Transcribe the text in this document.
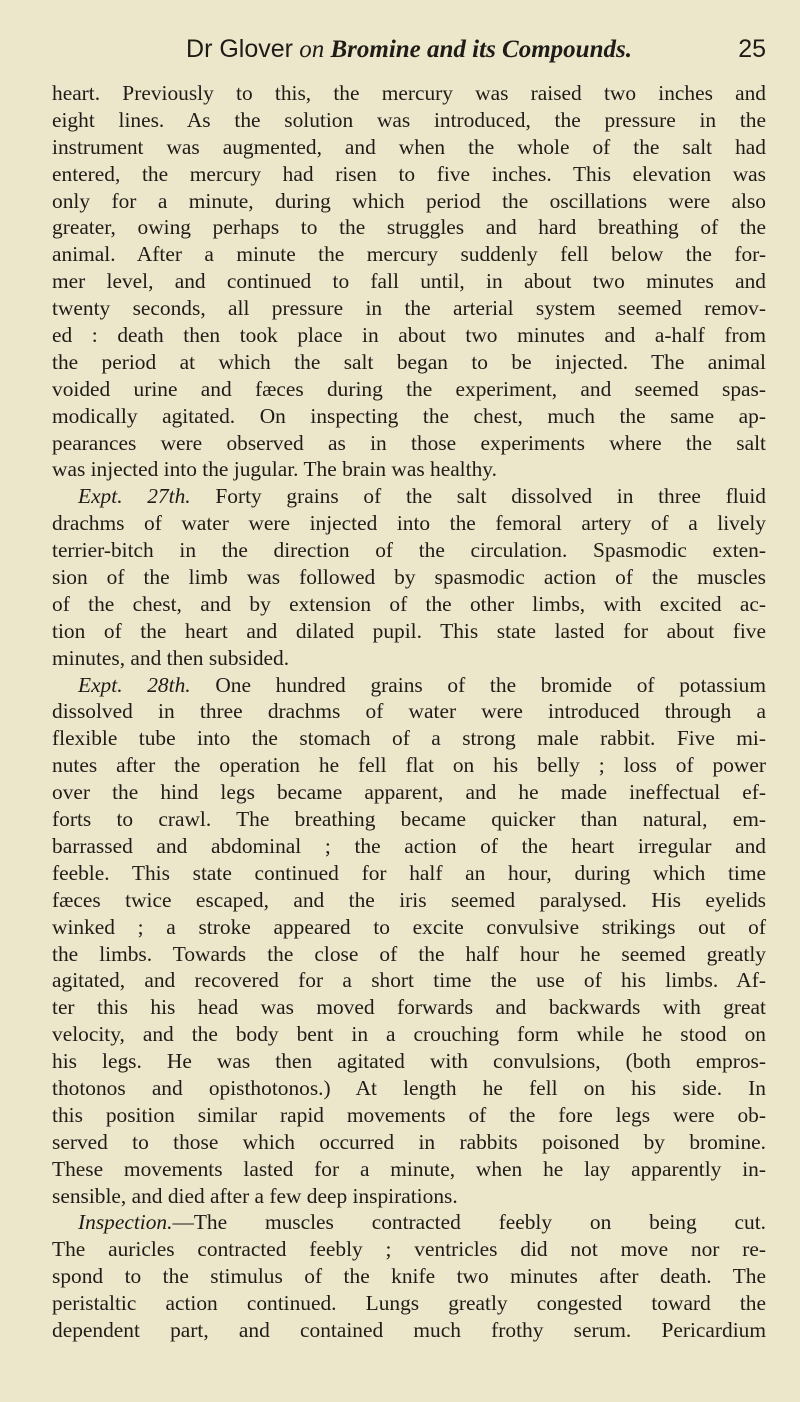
Dr Glover on Bromine and its Compounds.	25
heart. Previously to this, the mercury was raised two inches and
eight lines. As the solution was introduced, the pressure in the
instrument was augmented, and when the whole of the salt had
entered, the mercury had risen to five inches. This elevation was
only for a minute, during which period the oscillations were also
greater, owing perhaps to the struggles and hard breathing of the
animal. After a minute the mercury suddenly fell below the for-
mer level, and continued to fall until, in about two minutes and
twenty seconds, all pressure in the arterial system seemed remov-
ed : death then took place in about two minutes and a-half from
the period at which the salt began to be injected. The animal
voided urine and fæces during the experiment, and seemed spas-
modically agitated. On inspecting the chest, much the same ap-
pearances were observed as in those experiments where the salt
was injected into the jugular. The brain was healthy.
Expt. 27th. Forty grains of the salt dissolved in three fluid
drachms of water were injected into the femoral artery of a lively
terrier-bitch in the direction of the circulation. Spasmodic exten-
sion of the limb was followed by spasmodic action of the muscles
of the chest, and by extension of the other limbs, with excited ac-
tion of the heart and dilated pupil. This state lasted for about five
minutes, and then subsided.
Expt. 28th. One hundred grains of the bromide of potassium
dissolved in three drachms of water were introduced through a
flexible tube into the stomach of a strong male rabbit. Five mi-
nutes after the operation he fell flat on his belly ; loss of power
over the hind legs became apparent, and he made ineffectual ef-
forts to crawl. The breathing became quicker than natural, em-
barrassed and abdominal ; the action of the heart irregular and
feeble. This state continued for half an hour, during which time
fæces twice escaped, and the iris seemed paralysed. His eyelids
winked ; a stroke appeared to excite convulsive strikings out of
the limbs. Towards the close of the half hour he seemed greatly
agitated, and recovered for a short time the use of his limbs. Af-
ter this his head was moved forwards and backwards with great
velocity, and the body bent in a crouching form while he stood on
his legs. He was then agitated with convulsions, (both empros-
thotonos and opisthotonos.) At length he fell on his side. In
this position similar rapid movements of the fore legs were ob-
served to those which occurred in rabbits poisoned by bromine.
These movements lasted for a minute, when he lay apparently in-
sensible, and died after a few deep inspirations.
Inspection.—The muscles contracted feebly on being cut.
The auricles contracted feebly ; ventricles did not move nor re-
spond to the stimulus of the knife two minutes after death. The
peristaltic action continued. Lungs greatly congested toward the
dependent part, and contained much frothy serum. Pericardium
